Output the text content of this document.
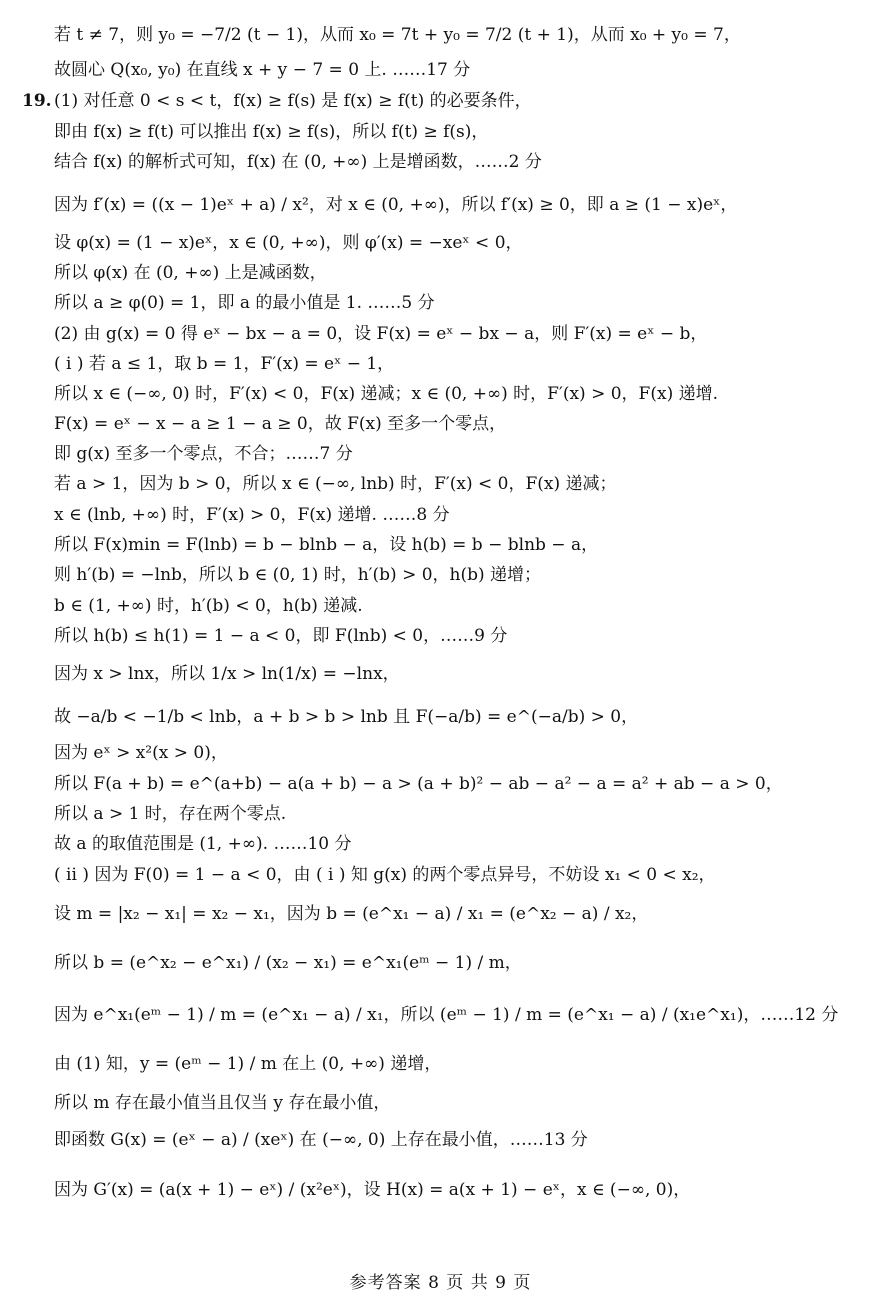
19.
若 t ≠ 7，则 y₀ = −7/2 (t − 1)，从而 x₀ = 7t + y₀ = 7/2 (t + 1)，从而 x₀ + y₀ = 7，
故圆心 Q(x₀, y₀) 在直线 x + y − 7 = 0 上. ……17 分
(1) 对任意 0 < s < t，f(x) ≥ f(s) 是 f(x) ≥ f(t) 的必要条件，
即由 f(x) ≥ f(t) 可以推出 f(x) ≥ f(s)，所以 f(t) ≥ f(s)，
结合 f(x) 的解析式可知，f(x) 在 (0, +∞) 上是增函数，……2 分
因为 f′(x) = ((x − 1)eˣ + a) / x²，对 x ∈ (0, +∞)，所以 f′(x) ≥ 0，即 a ≥ (1 − x)eˣ，
设 φ(x) = (1 − x)eˣ，x ∈ (0, +∞)，则 φ′(x) = −xeˣ < 0，
所以 φ(x) 在 (0, +∞) 上是减函数，
所以 a ≥ φ(0) = 1，即 a 的最小值是 1. ……5 分
(2) 由 g(x) = 0 得 eˣ − bx − a = 0，设 F(x) = eˣ − bx − a，则 F′(x) = eˣ − b，
( i ) 若 a ≤ 1，取 b = 1，F′(x) = eˣ − 1，
所以 x ∈ (−∞, 0) 时，F′(x) < 0，F(x) 递减；x ∈ (0, +∞) 时，F′(x) > 0，F(x) 递增.
F(x) = eˣ − x − a ≥ 1 − a ≥ 0，故 F(x) 至多一个零点，
即 g(x) 至多一个零点，不合；……7 分
若 a > 1，因为 b > 0，所以 x ∈ (−∞, lnb) 时，F′(x) < 0，F(x) 递减；
x ∈ (lnb, +∞) 时，F′(x) > 0，F(x) 递增. ……8 分
所以 F(x)min = F(lnb) = b − blnb − a，设 h(b) = b − blnb − a，
则 h′(b) = −lnb，所以 b ∈ (0, 1) 时，h′(b) > 0，h(b) 递增；
b ∈ (1, +∞) 时，h′(b) < 0，h(b) 递减.
所以 h(b) ≤ h(1) = 1 − a < 0，即 F(lnb) < 0，……9 分
因为 x > lnx，所以 1/x > ln(1/x) = −lnx，
故 −a/b < −1/b < lnb，a + b > b > lnb 且 F(−a/b) = e^(−a/b) > 0，
因为 eˣ > x²(x > 0)，
所以 F(a + b) = e^(a+b) − a(a + b) − a > (a + b)² − ab − a² − a = a² + ab − a > 0，
所以 a > 1 时，存在两个零点.
故 a 的取值范围是 (1, +∞). ……10 分
( ii ) 因为 F(0) = 1 − a < 0，由 ( i ) 知 g(x) 的两个零点异号，不妨设 x₁ < 0 < x₂，
设 m = |x₂ − x₁| = x₂ − x₁，因为 b = (e^x₁ − a) / x₁ = (e^x₂ − a) / x₂，
所以 b = (e^x₂ − e^x₁) / (x₂ − x₁) = e^x₁(eᵐ − 1) / m，
因为 e^x₁(eᵐ − 1) / m = (e^x₁ − a) / x₁，所以 (eᵐ − 1) / m = (e^x₁ − a) / (x₁e^x₁)，……12 分
由 (1) 知，y = (eᵐ − 1) / m 在上 (0, +∞) 递增，
所以 m 存在最小值当且仅当 y 存在最小值，
即函数 G(x) = (eˣ − a) / (xeˣ) 在 (−∞, 0) 上存在最小值，……13 分
因为 G′(x) = (a(x + 1) − eˣ) / (x²eˣ)，设 H(x) = a(x + 1) − eˣ，x ∈ (−∞, 0)，
参考答案 8 页 共 9 页
